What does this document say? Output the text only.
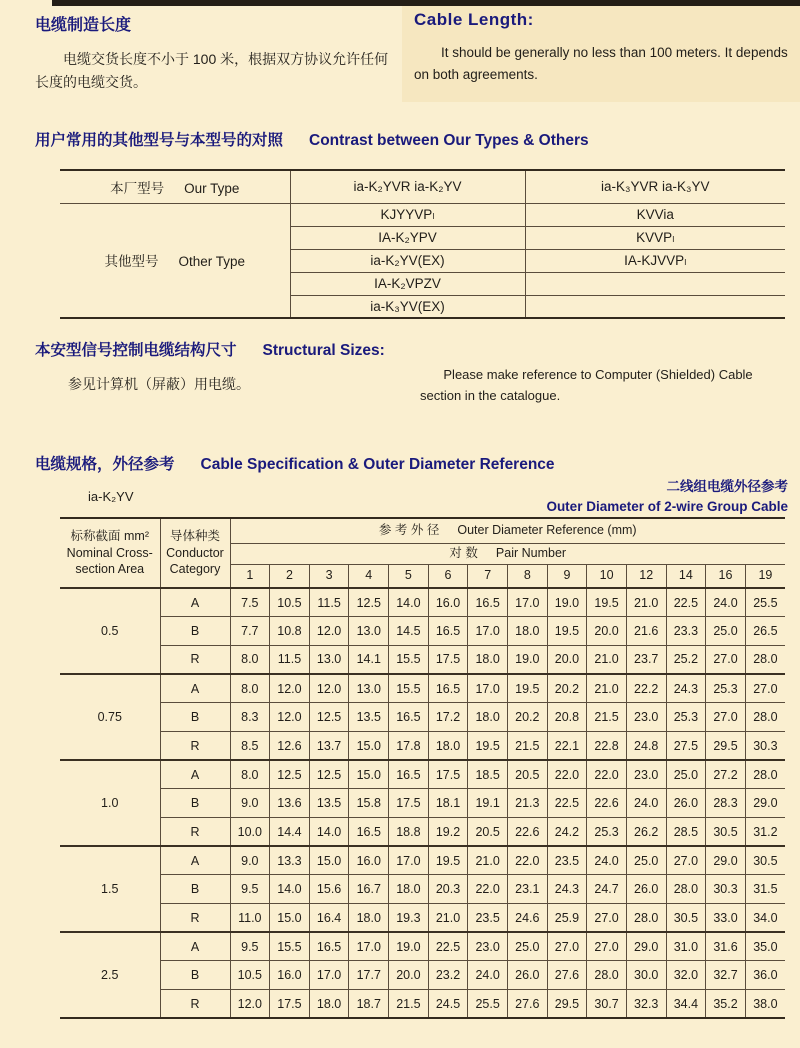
电缆制造长度

电缆交货长度不小于 100 米，根据双方协议允许任何长度的电缆交货。

Cable Length:

It should be generally no less than 100 meters. It depends on both agreements.

用户常用的其他型号与本型号的对照 Contrast between Our Types & Others
本厂型号 Our Type	ia-K₂YVR ia-K₂YV	ia-K₃YVR ia-K₃YV
其他型号 Other Type	KJYYVPₗ	KVVia
	IA-K₂YPV	KVVPₗ
	ia-K₂YV(EX)	IA-KJVVPₗ
	IA-K₂VPZV	
	ia-K₃YV(EX)	
本安型信号控制电缆结构尺寸 Structural Sizes:

参见计算机（屏蔽）用电缆。

Please make reference to Computer (Shielded) Cable section in the catalogue.

电缆规格，外径参考 Cable Specification & Outer Diameter Reference
ia-K₂YV
二线组电缆外径参考
Outer Diameter of 2-wire Group Cable
标称截面 mm²
Nominal Cross-
section Area

导体种类
Conductor
Category
	参 考 外 径 Outer Diameter Reference (mm)
		对 数 Pair Number													
		1	2	3	4	5	6	7	8	9	10	12	14	16	19
0.5	A	7.5	10.5	11.5	12.5	14.0	16.0	16.5	17.0	19.0	19.5	21.0	22.5	24.0	25.5
	B	7.7	10.8	12.0	13.0	14.5	16.5	17.0	18.0	19.5	20.0	21.6	23.3	25.0	26.5
	R	8.0	11.5	13.0	14.1	15.5	17.5	18.0	19.0	20.0	21.0	23.7	25.2	27.0	28.0
0.75	A	8.0	12.0	12.0	13.0	15.5	16.5	17.0	19.5	20.2	21.0	22.2	24.3	25.3	27.0
	B	8.3	12.0	12.5	13.5	16.5	17.2	18.0	20.2	20.8	21.5	23.0	25.3	27.0	28.0
	R	8.5	12.6	13.7	15.0	17.8	18.0	19.5	21.5	22.1	22.8	24.8	27.5	29.5	30.3
1.0	A	8.0	12.5	12.5	15.0	16.5	17.5	18.5	20.5	22.0	22.0	23.0	25.0	27.2	28.0
	B	9.0	13.6	13.5	15.8	17.5	18.1	19.1	21.3	22.5	22.6	24.0	26.0	28.3	29.0
	R	10.0	14.4	14.0	16.5	18.8	19.2	20.5	22.6	24.2	25.3	26.2	28.5	30.5	31.2
1.5	A	9.0	13.3	15.0	16.0	17.0	19.5	21.0	22.0	23.5	24.0	25.0	27.0	29.0	30.5
	B	9.5	14.0	15.6	16.7	18.0	20.3	22.0	23.1	24.3	24.7	26.0	28.0	30.3	31.5
	R	11.0	15.0	16.4	18.0	19.3	21.0	23.5	24.6	25.9	27.0	28.0	30.5	33.0	34.0
2.5	A	9.5	15.5	16.5	17.0	19.0	22.5	23.0	25.0	27.0	27.0	29.0	31.0	31.6	35.0
	B	10.5	16.0	17.0	17.7	20.0	23.2	24.0	26.0	27.6	28.0	30.0	32.0	32.7	36.0
	R	12.0	17.5	18.0	18.7	21.5	24.5	25.5	27.6	29.5	30.7	32.3	34.4	35.2	38.0
